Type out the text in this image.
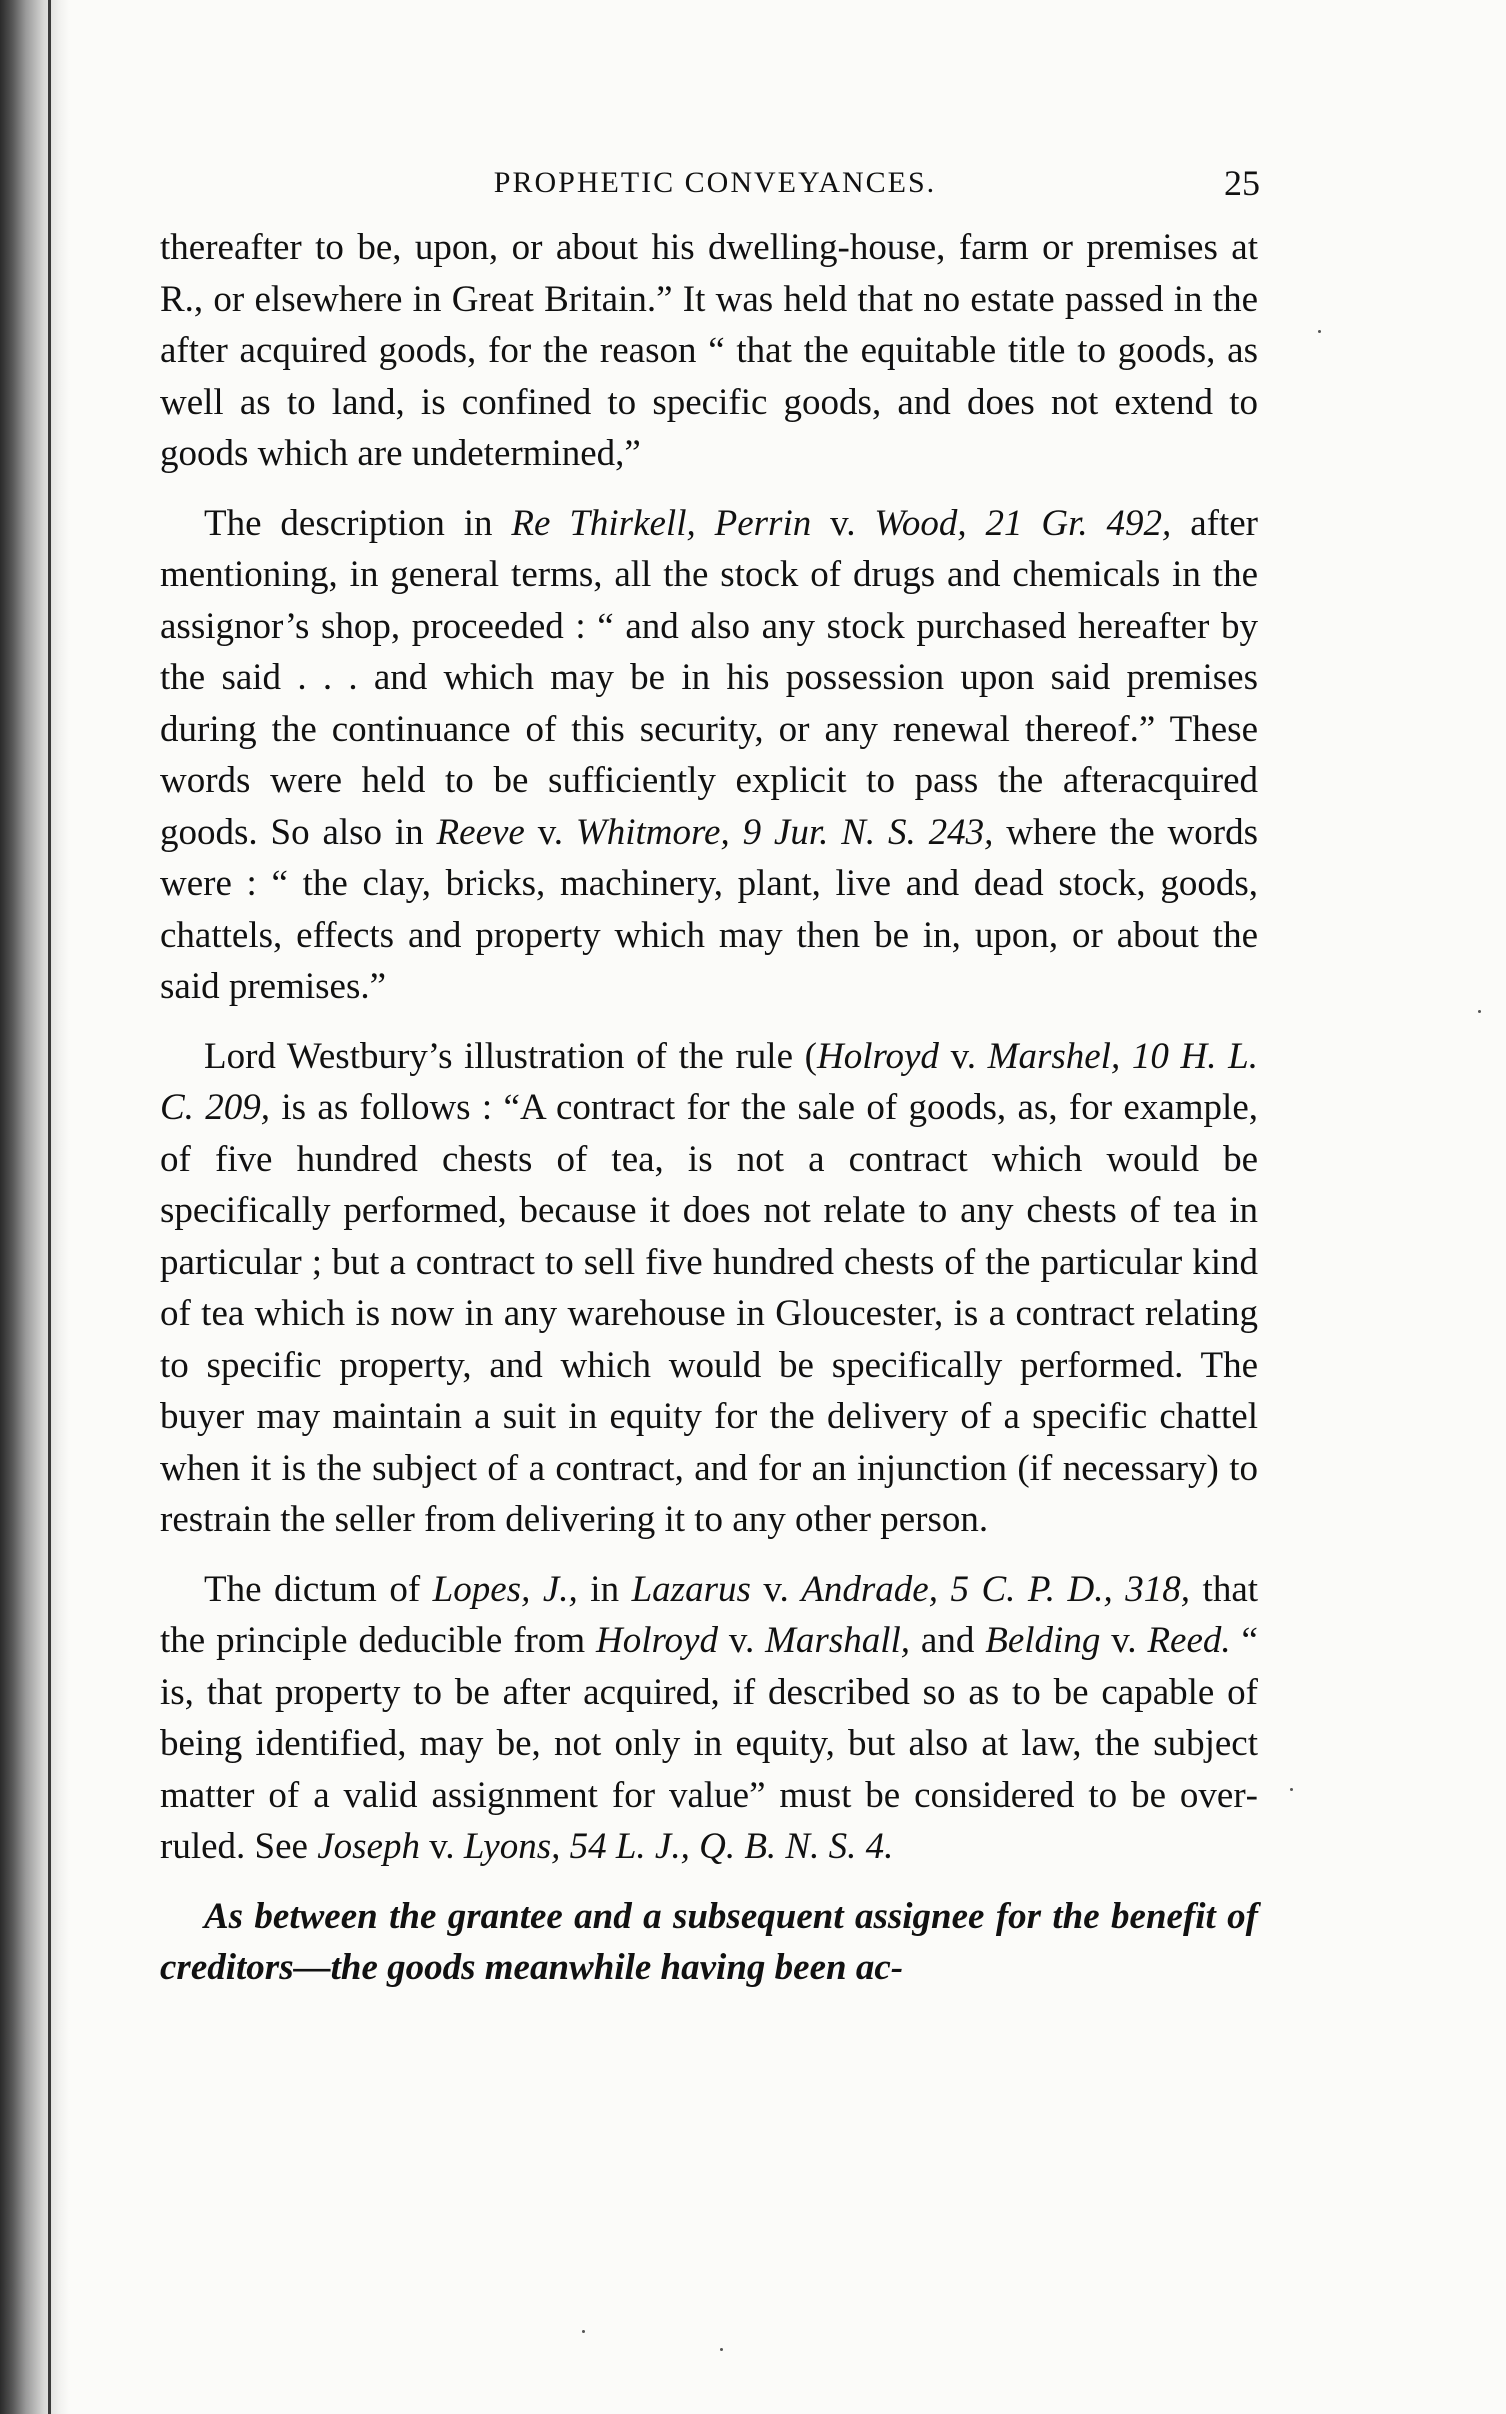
PROPHETIC CONVEYANCES.	25

thereafter to be, upon, or about his dwelling-house, farm or premises at R., or elsewhere in Great Britain.” It was held that no estate passed in the after acquired goods, for the reason “ that the equitable title to goods, as well as to land, is confined to specific goods, and does not extend to goods which are undetermined,”

The description in Re Thirkell, Perrin v. Wood, 21 Gr. 492, after mentioning, in general terms, all the stock of drugs and chemicals in the assignor’s shop, proceeded : “ and also any stock purchased hereafter by the said . . . and which may be in his possession upon said premises during the continuance of this security, or any renewal thereof.” These words were held to be sufficiently explicit to pass the afteracquired goods. So also in Reeve v. Whitmore, 9 Jur. N. S. 243, where the words were : “ the clay, bricks, machinery, plant, live and dead stock, goods, chattels, effects and property which may then be in, upon, or about the said premises.”

Lord Westbury’s illustration of the rule (Holroyd v. Marshel, 10 H. L. C. 209, is as follows : “A contract for the sale of goods, as, for example, of five hundred chests of tea, is not a contract which would be specifically performed, because it does not relate to any chests of tea in particular ; but a contract to sell five hundred chests of the particular kind of tea which is now in any warehouse in Gloucester, is a contract relating to specific property, and which would be specifically performed. The buyer may maintain a suit in equity for the delivery of a specific chattel when it is the subject of a contract, and for an injunction (if necessary) to restrain the seller from delivering it to any other person.

The dictum of Lopes, J., in Lazarus v. Andrade, 5 C. P. D., 318, that the principle deducible from Holroyd v. Marshall, and Belding v. Reed. “ is, that property to be after acquired, if described so as to be capable of being identified, may be, not only in equity, but also at law, the subject matter of a valid assignment for value” must be considered to be overruled. See Joseph v. Lyons, 54 L. J., Q. B. N. S. 4.

As between the grantee and a subsequent assignee for the benefit of creditors—the goods meanwhile having been ac-
